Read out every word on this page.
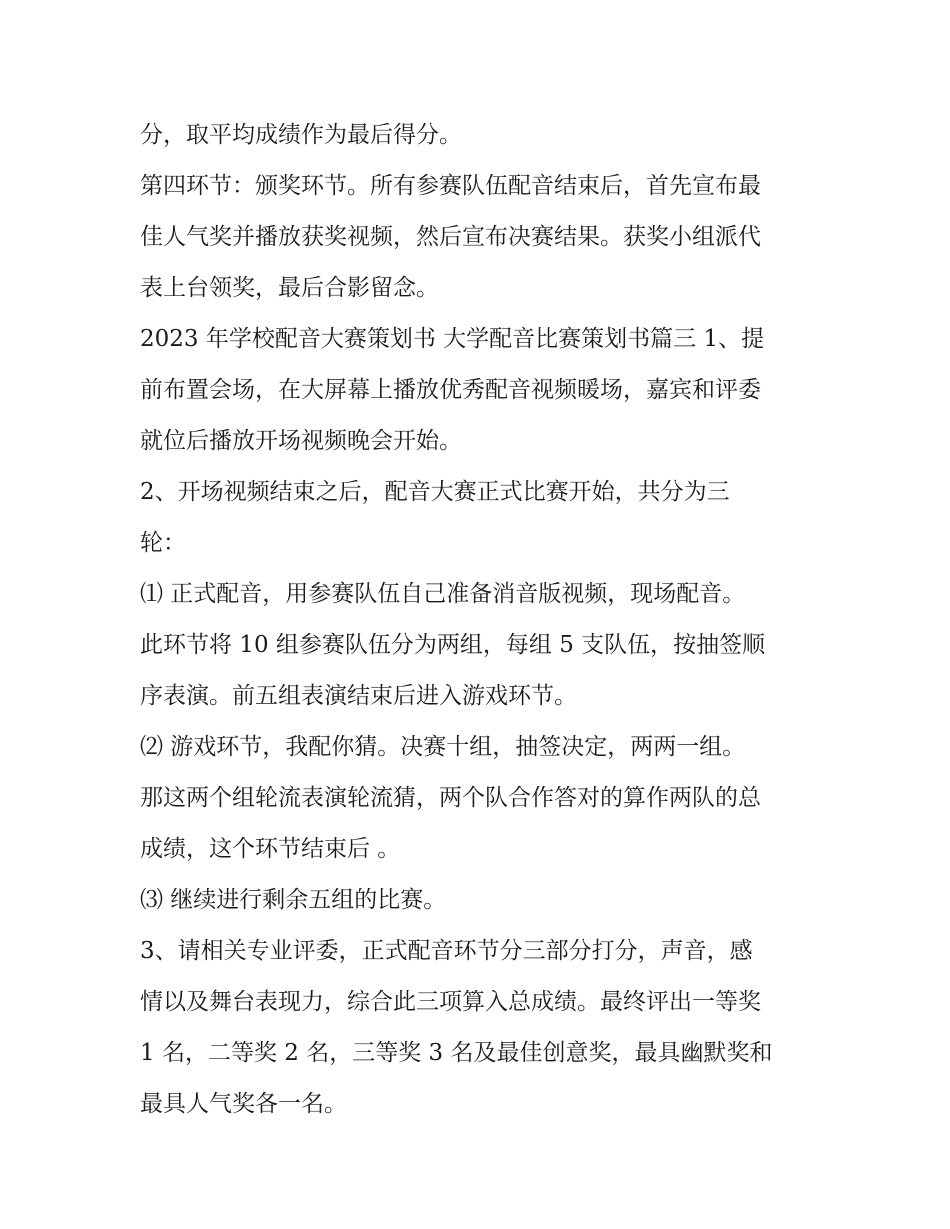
分，取平均成绩作为最后得分。

第四环节：颁奖环节。所有参赛队伍配音结束后，首先宣布最

佳人气奖并播放获奖视频，然后宣布决赛结果。获奖小组派代

表上台领奖，最后合影留念。

2023 年学校配音大赛策划书 大学配音比赛策划书篇三 1、提

前布置会场，在大屏幕上播放优秀配音视频暖场，嘉宾和评委

就位后播放开场视频晚会开始。

2、开场视频结束之后，配音大赛正式比赛开始，共分为三

轮：

⑴ 正式配音，用参赛队伍自己准备消音版视频，现场配音。

此环节将 10 组参赛队伍分为两组，每组 5 支队伍，按抽签顺

序表演。前五组表演结束后进入游戏环节。

⑵ 游戏环节，我配你猜。决赛十组，抽签决定，两两一组。

那这两个组轮流表演轮流猜，两个队合作答对的算作两队的总

成绩，这个环节结束后 。

⑶ 继续进行剩余五组的比赛。

3、请相关专业评委，正式配音环节分三部分打分，声音，感

情以及舞台表现力，综合此三项算入总成绩。最终评出一等奖

1 名，二等奖 2 名，三等奖 3 名及最佳创意奖，最具幽默奖和

最具人气奖各一名。
